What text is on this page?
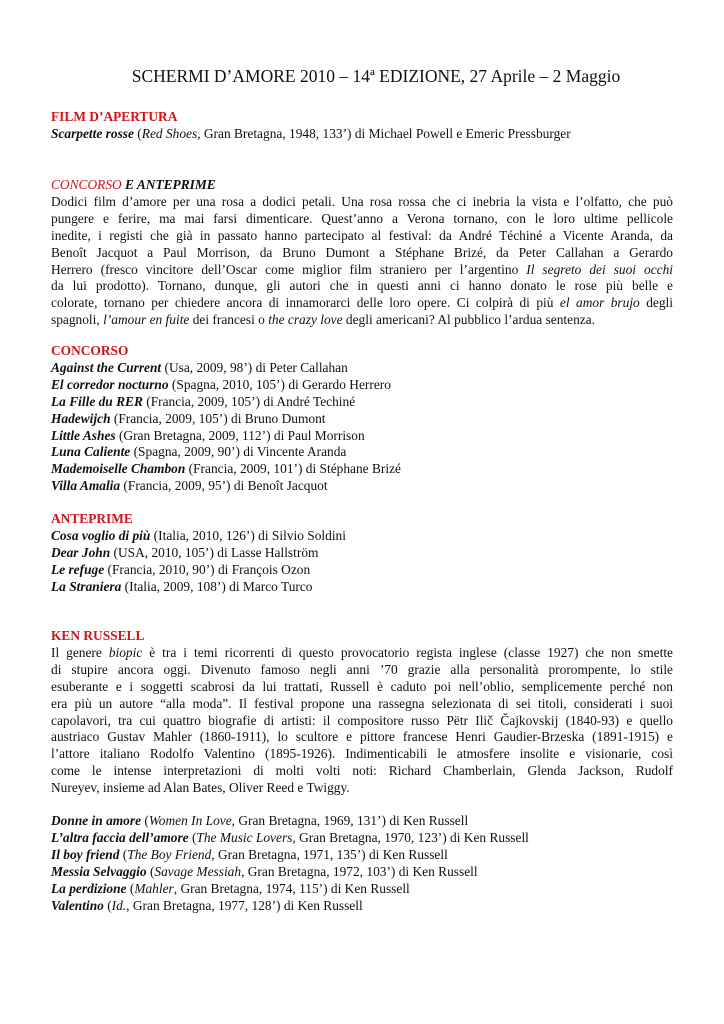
SCHERMI D’AMORE 2010 – 14ª EDIZIONE, 27 Aprile – 2 Maggio
FILM D’APERTURA
Scarpette rosse (Red Shoes, Gran Bretagna, 1948, 133’) di Michael Powell e Emeric Pressburger
CONCORSO E ANTEPRIME
Dodici film d’amore per una rosa a dodici petali. Una rosa rossa che ci inebria la vista e l’olfatto, che può
pungere e ferire, ma mai farsi dimenticare. Quest’anno a Verona tornano, con le loro ultime pellicole
inedite, i registi che già in passato hanno partecipato al festival: da André Téchiné a Vicente Aranda, da
Benoît Jacquot a Paul Morrison, da Bruno Dumont a Stéphane Brizé, da Peter Callahan a Gerardo
Herrero (fresco vincitore dell’Oscar come miglior film straniero per l’argentino Il segreto dei suoi occhi
da lui prodotto). Tornano, dunque, gli autori che in questi anni ci hanno donato le rose più belle e
colorate, tornano per chiedere ancora di innamorarci delle loro opere. Ci colpirà di più el amor brujo degli
spagnoli, l’amour en fuite dei francesi o the crazy love degli americani? Al pubblico l’ardua sentenza.
CONCORSO
Against the Current (Usa, 2009, 98’) di Peter Callahan
El corredor nocturno (Spagna, 2010, 105’) di Gerardo Herrero
La Fille du RER (Francia, 2009, 105’) di André Techiné
Hadewijch (Francia, 2009, 105’) di Bruno Dumont
Little Ashes (Gran Bretagna, 2009, 112’) di Paul Morrison
Luna Caliente (Spagna, 2009, 90’) di Vincente Aranda
Mademoiselle Chambon (Francia, 2009, 101’) di Stéphane Brizé
Villa Amalia (Francia, 2009, 95’) di Benoît Jacquot
ANTEPRIME
Cosa voglio di più (Italia, 2010, 126’) di Silvio Soldini
Dear John (USA, 2010, 105’) di Lasse Hallström
Le refuge (Francia, 2010, 90’) di François Ozon
La Straniera (Italia, 2009, 108’) di Marco Turco
KEN RUSSELL
Il genere biopic è tra i temi ricorrenti di questo provocatorio regista inglese (classe 1927) che non smette
di stupire ancora oggi. Divenuto famoso negli anni ’70 grazie alla personalità prorompente, lo stile
esuberante e i soggetti scabrosi da lui trattati, Russell è caduto poi nell’oblio, semplicemente perché non
era più un autore “alla moda”. Il festival propone una rassegna selezionata di sei titoli, considerati i suoi
capolavori, tra cui quattro biografie di artisti: il compositore russo Pëtr Ilič Čajkovskij (1840-93) e quello
austriaco Gustav Mahler (1860-1911), lo scultore e pittore francese Henri Gaudier-Brzeska (1891-1915) e
l’attore italiano Rodolfo Valentino (1895-1926). Indimenticabili le atmosfere insolite e visionarie, così
come le intense interpretazioni di molti volti noti: Richard Chamberlain, Glenda Jackson, Rudolf
Nureyev, insieme ad Alan Bates, Oliver Reed e Twiggy.
Donne in amore (Women In Love, Gran Bretagna, 1969, 131’) di Ken Russell
L’altra faccia dell’amore (The Music Lovers, Gran Bretagna, 1970, 123’) di Ken Russell
Il boy friend (The Boy Friend, Gran Bretagna, 1971, 135’) di Ken Russell
Messia Selvaggio (Savage Messiah, Gran Bretagna, 1972, 103’) di Ken Russell
La perdizione (Mahler, Gran Bretagna, 1974, 115’) di Ken Russell
Valentino (Id., Gran Bretagna, 1977, 128’) di Ken Russell
